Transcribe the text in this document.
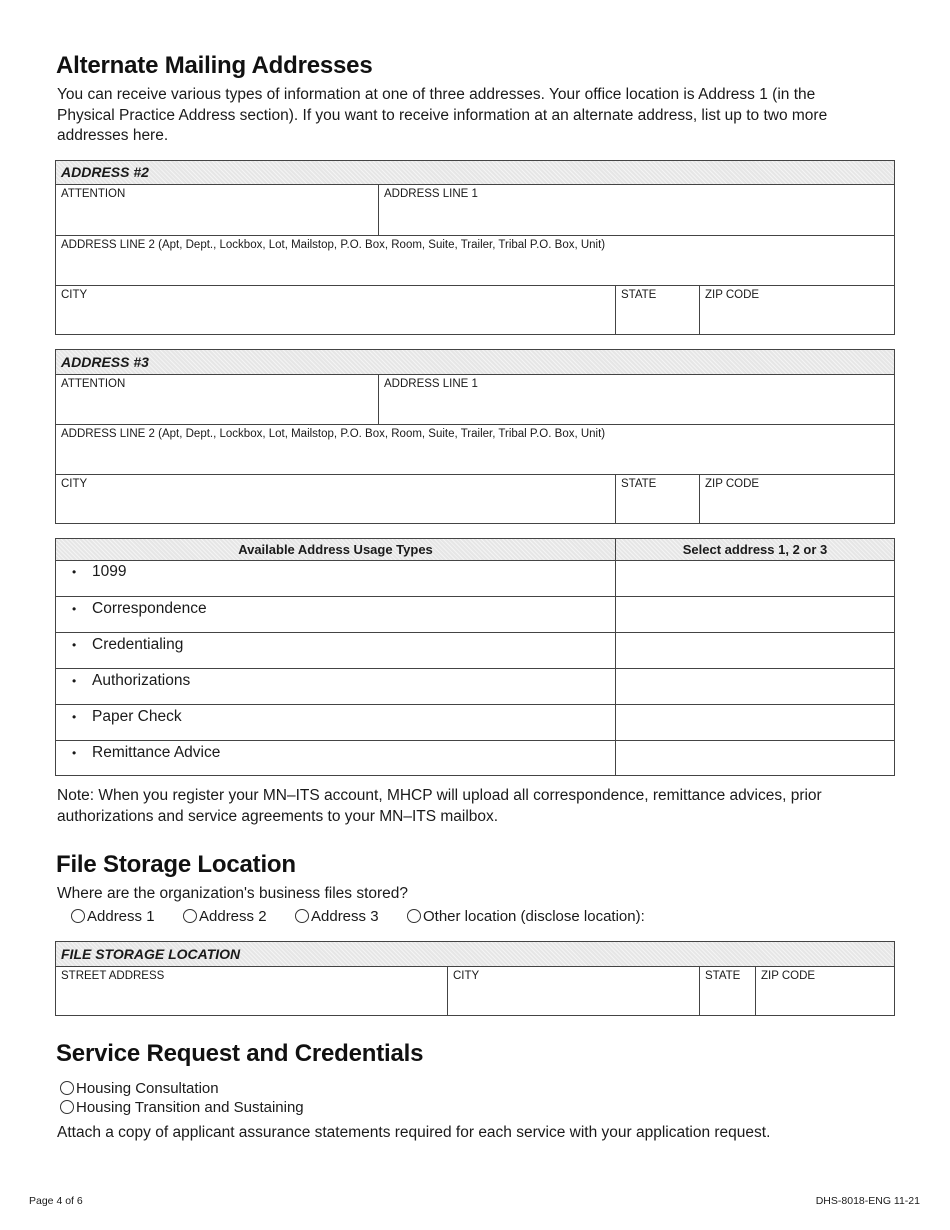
Alternate Mailing Addresses
You can receive various types of information at one of three addresses. Your office location is Address 1 (in the Physical Practice Address section). If you want to receive information at an alternate address, list up to two more addresses here.
ADDRESS #2
ATTENTION	ADDRESS LINE 1
ADDRESS LINE 2 (Apt, Dept., Lockbox, Lot, Mailstop, P.O. Box, Room, Suite, Trailer, Tribal P.O. Box, Unit)
CITY	STATE	ZIP CODE
ADDRESS #3
ATTENTION	ADDRESS LINE 1
ADDRESS LINE 2 (Apt, Dept., Lockbox, Lot, Mailstop, P.O. Box, Room, Suite, Trailer, Tribal P.O. Box, Unit)
CITY	STATE	ZIP CODE
Available Address Usage Types	Select address 1, 2 or 3
• 1099
• Correspondence
• Credentialing
• Authorizations
• Paper Check
• Remittance Advice
Note: When you register your MN–ITS account, MHCP will upload all correspondence, remittance advices, prior authorizations and service agreements to your MN–ITS mailbox.
File Storage Location
Where are the organization's business files stored?
Address 1	Address 2	Address 3	Other location (disclose location):
FILE STORAGE LOCATION
STREET ADDRESS	CITY	STATE ZIP CODE
Service Request and Credentials
Housing Consultation
Housing Transition and Sustaining
Attach a copy of applicant assurance statements required for each service with your application request.
Page 4 of 6	DHS-8018-ENG 11-21
